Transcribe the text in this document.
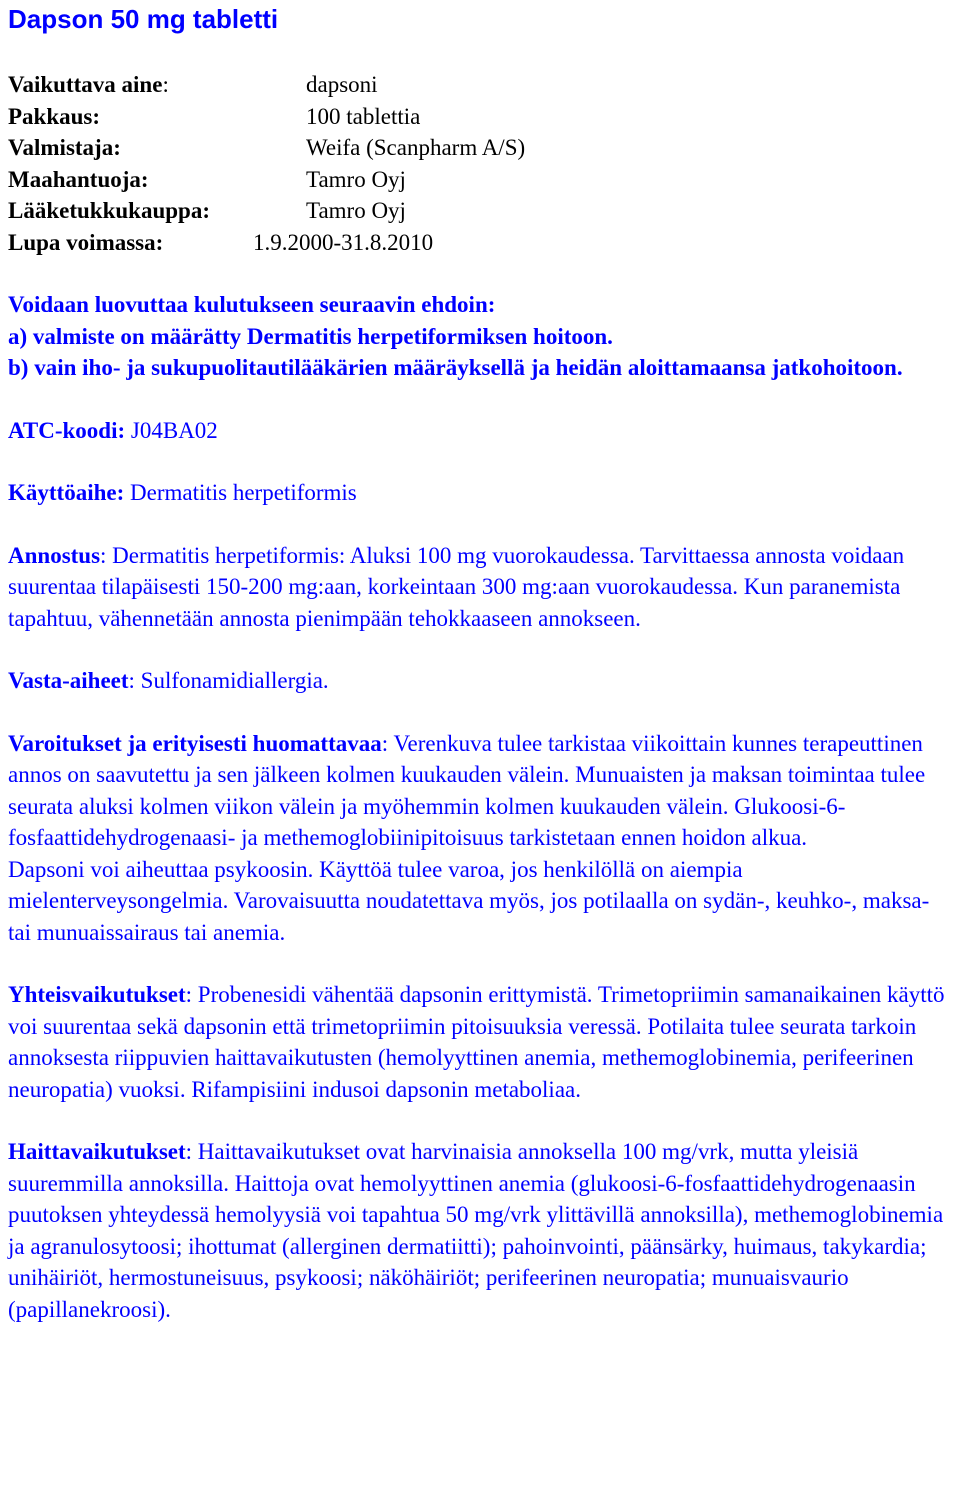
Dapson 50 mg tabletti
Vaikuttava aine:	dapsoni
Pakkaus:	100 tablettia
Valmistaja:	Weifa (Scanpharm A/S)
Maahantuoja:	Tamro Oyj
Lääketukkukauppa:	Tamro Oyj
Lupa voimassa:	1.9.2000-31.8.2010

Voidaan luovuttaa kulutukseen seuraavin ehdoin:

a) valmiste on määrätty Dermatitis herpetiformiksen hoitoon.

b) vain iho- ja sukupuolitautilääkärien määräyksellä ja heidän aloittamaansa jatkohoitoon.

ATC-koodi: J04BA02

Käyttöaihe: Dermatitis herpetiformis

Annostus: Dermatitis herpetiformis: Aluksi 100 mg vuorokaudessa. Tarvittaessa annosta voidaan suurentaa tilapäisesti 150-200 mg:aan, korkeintaan 300 mg:aan vuorokaudessa. Kun paranemista tapahtuu, vähennetään annosta pienimpään tehokkaaseen annokseen.

Vasta-aiheet: Sulfonamidiallergia.

Varoitukset ja erityisesti huomattavaa: Verenkuva tulee tarkistaa viikoittain kunnes terapeuttinen annos on saavutettu ja sen jälkeen kolmen kuukauden välein. Munuaisten ja maksan toimintaa tulee seurata aluksi kolmen viikon välein ja myöhemmin kolmen kuukauden välein. Glukoosi-6-fosfaattidehydrogenaasi- ja methemoglobiinipitoisuus tarkistetaan ennen hoidon alkua.

Dapsoni voi aiheuttaa psykoosin. Käyttöä tulee varoa, jos henkilöllä on aiempia mielenterveysongelmia. Varovaisuutta noudatettava myös, jos potilaalla on sydän-, keuhko-, maksa- tai munuaissairaus tai anemia.

Yhteisvaikutukset: Probenesidi vähentää dapsonin erittymistä. Trimetopriimin samanaikainen käyttö voi suurentaa sekä dapsonin että trimetopriimin pitoisuuksia veressä. Potilaita tulee seurata tarkoin annoksesta riippuvien haittavaikutusten (hemolyyttinen anemia, methemoglobinemia, perifeerinen neuropatia) vuoksi. Rifampisiini indusoi dapsonin metaboliaa.

Haittavaikutukset: Haittavaikutukset ovat harvinaisia annoksella 100 mg/vrk, mutta yleisiä suuremmilla annoksilla. Haittoja ovat hemolyyttinen anemia (glukoosi-6-fosfaattidehydrogenaasin puutoksen yhteydessä hemolyysiä voi tapahtua 50 mg/vrk ylittävillä annoksilla), methemoglobinemia ja agranulosytoosi; ihottumat (allerginen dermatiitti); pahoinvointi, päänsärky, huimaus, takykardia; unihäiriöt, hermostuneisuus, psykoosi; näköhäiriöt; perifeerinen neuropatia; munuaisvaurio (papillanekroosi).
